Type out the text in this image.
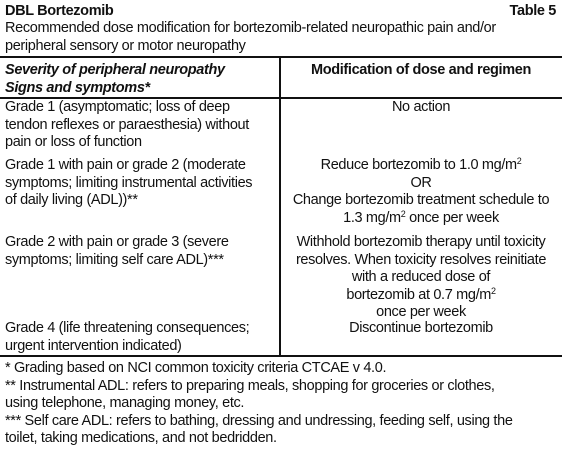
DBL Bortezomib	Table 5
Recommended dose modification for bortezomib-related neuropathic pain and/or
peripheral sensory or motor neuropathy
Severity of peripheral neuropathy
Signs and symptoms*
Modification of dose and regimen
Grade 1 (asymptomatic; loss of deep
tendon reflexes or paraesthesia) without
pain or loss of function
No action
Grade 1 with pain or grade 2 (moderate
symptoms; limiting instrumental activities
of daily living (ADL))**
Reduce bortezomib to 1.0 $mg/m^2$
OR
Change bortezomib treatment schedule to
1.3 $mg/m^2$ once per week
Grade 2 with pain or grade 3 (severe
symptoms; limiting self care ADL)***
Withhold bortezomib therapy until toxicity
resolves. When toxicity resolves reinitiate
with a reduced dose of
bortezomib at 0.7 $mg/m^2$
once per week
Grade 4 (life threatening consequences;
urgent intervention indicated)
Discontinue bortezomib
* Grading based on NCI common toxicity criteria CTCAE v 4.0.
** Instrumental ADL: refers to preparing meals, shopping for groceries or clothes,
using telephone, managing money, etc.
*** Self care ADL: refers to bathing, dressing and undressing, feeding self, using the
toilet, taking medications, and not bedridden.
